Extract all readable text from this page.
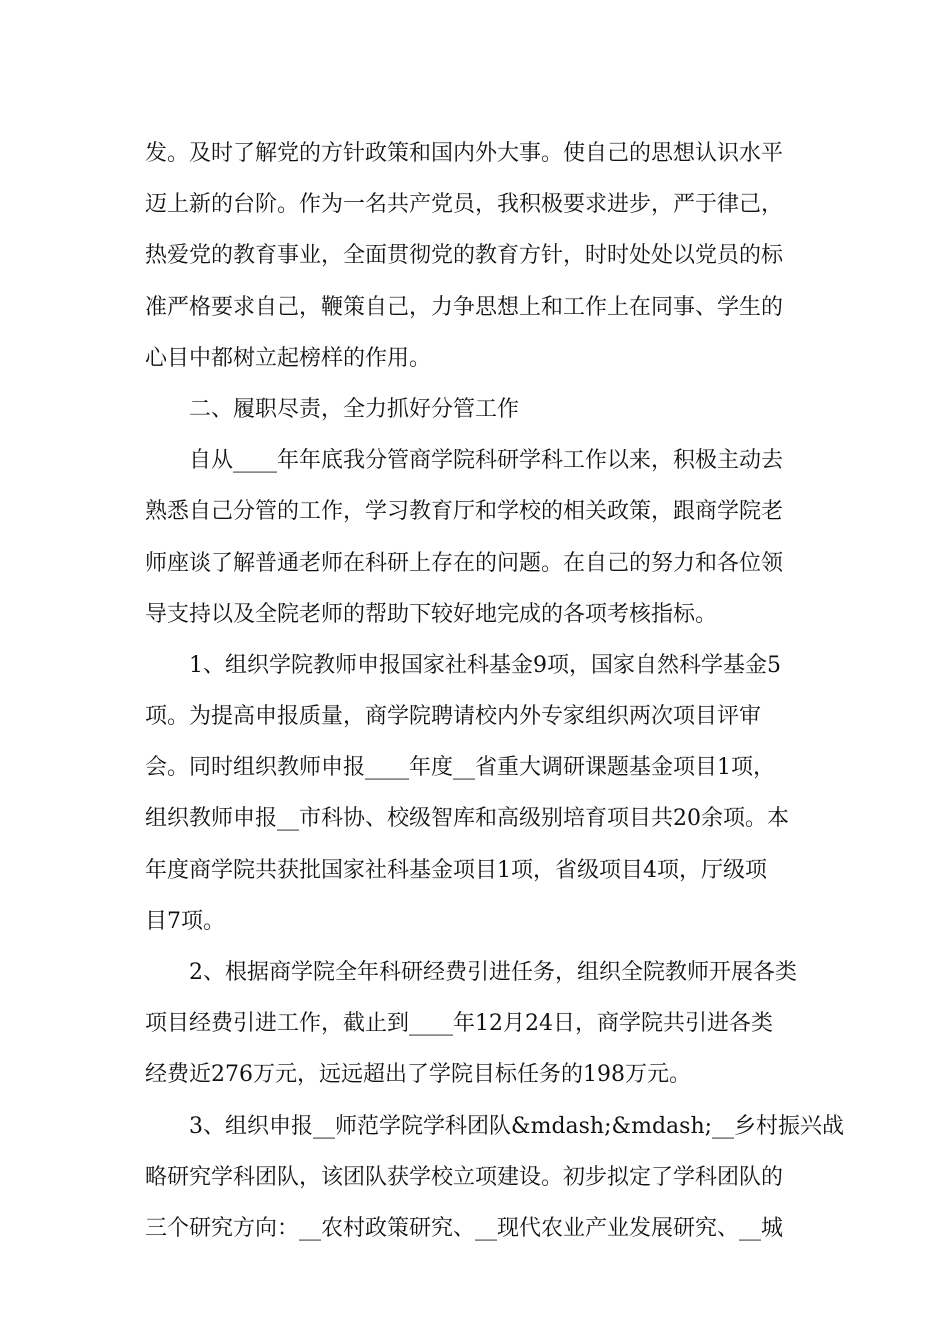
发。及时了解党的方针政策和国内外大事。使自己的思想认识水平
迈上新的台阶。作为一名共产党员，我积极要求进步，严于律己，
热爱党的教育事业，全面贯彻党的教育方针，时时处处以党员的标
准严格要求自己，鞭策自己，力争思想上和工作上在同事、学生的
心目中都树立起榜样的作用。
　　二、履职尽责，全力抓好分管工作
　　自从____年年底我分管商学院科研学科工作以来，积极主动去
熟悉自己分管的工作，学习教育厅和学校的相关政策，跟商学院老
师座谈了解普通老师在科研上存在的问题。在自己的努力和各位领
导支持以及全院老师的帮助下较好地完成的各项考核指标。
　　1、组织学院教师申报国家社科基金9项，国家自然科学基金5
项。为提高申报质量，商学院聘请校内外专家组织两次项目评审
会。同时组织教师申报____年度__省重大调研课题基金项目1项，
组织教师申报__市科协、校级智库和高级别培育项目共20余项。本
年度商学院共获批国家社科基金项目1项，省级项目4项，厅级项
目7项。
　　2、根据商学院全年科研经费引进任务，组织全院教师开展各类
项目经费引进工作，截止到____年12月24日，商学院共引进各类
经费近276万元，远远超出了学院目标任务的198万元。
　　3、组织申报__师范学院学科团队&mdash;&mdash;__乡村振兴战
略研究学科团队，该团队获学校立项建设。初步拟定了学科团队的
三个研究方向：__农村政策研究、__现代农业产业发展研究、__城
